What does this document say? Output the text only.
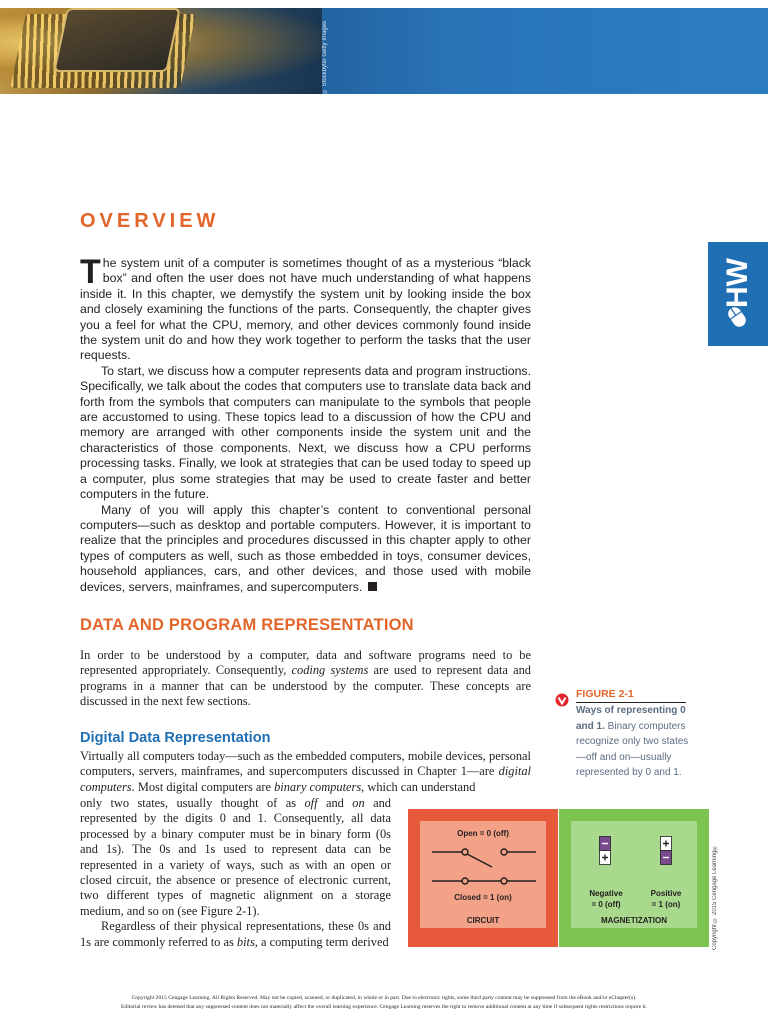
© Stockbyte/ Getty Images
HW
OVERVIEW

The system unit of a computer is sometimes thought of as a mysterious “black box” and often the user does not have much understanding of what happens inside it. In this chapter, we demystify the system unit by looking inside the box and closely examining the functions of the parts. Consequently, the chapter gives you a feel for what the CPU, memory, and other devices commonly found inside the system unit do and how they work together to perform the tasks that the user requests.

To start, we discuss how a computer represents data and program instructions. Specifically, we talk about the codes that computers use to translate data back and forth from the symbols that computers can manipulate to the symbols that people are accustomed to using. These topics lead to a discussion of how the CPU and memory are arranged with other components inside the system unit and the characteristics of those components. Next, we discuss how a CPU performs processing tasks. Finally, we look at strategies that can be used today to speed up a computer, plus some strategies that may be used to create faster and better computers in the future.

Many of you will apply this chapter’s content to conventional personal computers—such as desktop and portable computers. However, it is important to realize that the principles and procedures discussed in this chapter apply to other types of computers as well, such as those embedded in toys, consumer devices, household appliances, cars, and other devices, and those used with mobile devices, servers, mainframes, and supercomputers.

DATA AND PROGRAM REPRESENTATION
In order to be understood by a computer, data and software programs need to be represented appropriately. Consequently, coding systems are used to represent data and programs in a manner that can be understood by the computer. These concepts are discussed in the next few sections.
Digital Data Representation

Virtually all computers today—such as the embedded computers, mobile devices, personal computers, servers, mainframes, and supercomputers discussed in Chapter 1—are digital computers. Most digital computers are binary computers, which can understand

only two states, usually thought of as off and on and represented by the digits 0 and 1. Consequently, all data processed by a binary computer must be in binary form (0s and 1s). The 0s and 1s used to represent data can be represented in a variety of ways, such as with an open or closed circuit, the absence or presence of electronic current, two different types of magnetic alignment on a storage medium, and so on (see Figure 2-1).

Regardless of their physical representations, these 0s and 1s are commonly referred to as bits, a computing term derived

FIGURE 2-1

Ways of representing 0 and 1. Binary computers recognize only two states—off and on—usually represented by 0 and 1.

Open = 0 (off)
Closed = 1 (on)
CIRCUIT
Negative
= 0 (off)
Positive
= 1 (on)
MAGNETIZATION	Copyright © 2015 Cengage Learning®
Copyright 2015 Cengage Learning. All Rights Reserved. May not be copied, scanned, or duplicated, in whole or in part. Due to electronic rights, some third party content may be suppressed from the eBook and/or eChapter(s).
Editorial review has deemed that any suppressed content does not materially affect the overall learning experience. Cengage Learning reserves the right to remove additional content at any time if subsequent rights restrictions require it.
